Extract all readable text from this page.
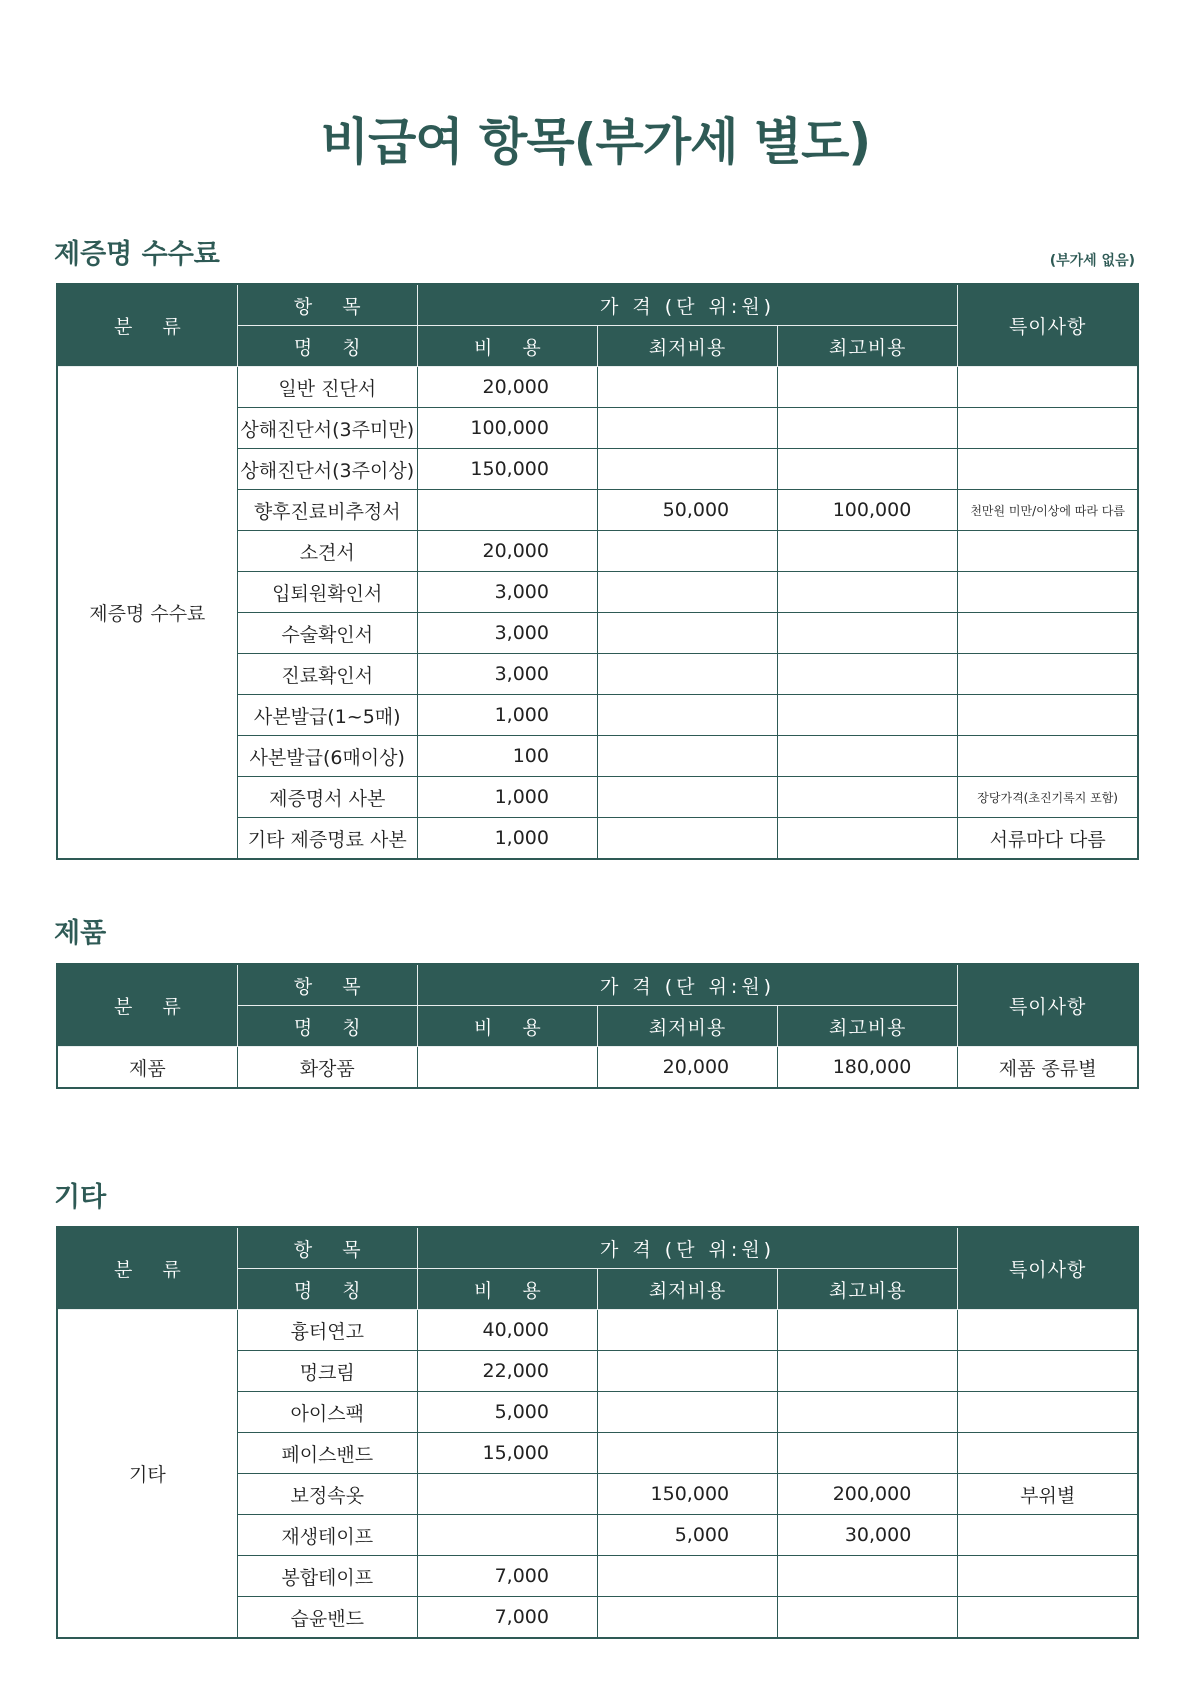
비급여 항목(부가세 별도)
제증명 수수료	(부가세 없음)
분 류	항 목	가 격 (단 위:원)			특이사항
	명 칭	비 용	최저비용	최고비용	
제증명 수수료	일반 진단서	20,000			
	상해진단서(3주미만)	100,000			
	상해진단서(3주이상)	150,000			
	향후진료비추정서		50,000	100,000	천만원 미만/이상에 따라 다름
	소견서	20,000			
	입퇴원확인서	3,000			
	수술확인서	3,000			
	진료확인서	3,000			
	사본발급(1~5매)	1,000			
	사본발급(6매이상)	100			
	제증명서 사본	1,000			장당가격(초진기록지 포함)
	기타 제증명료 사본	1,000			서류마다 다름
제품
분 류	항 목	가 격 (단 위:원)			특이사항
	명 칭	비 용	최저비용	최고비용	
제품	화장품		20,000	180,000	제품 종류별
기타
분 류	항 목	가 격 (단 위:원)			특이사항
	명 칭	비 용	최저비용	최고비용	
기타	흉터연고	40,000			
	멍크림	22,000			
	아이스팩	5,000			
	페이스밴드	15,000			
	보정속옷		150,000	200,000	부위별
	재생테이프		5,000	30,000	
	봉합테이프	7,000			
	습윤밴드	7,000			
